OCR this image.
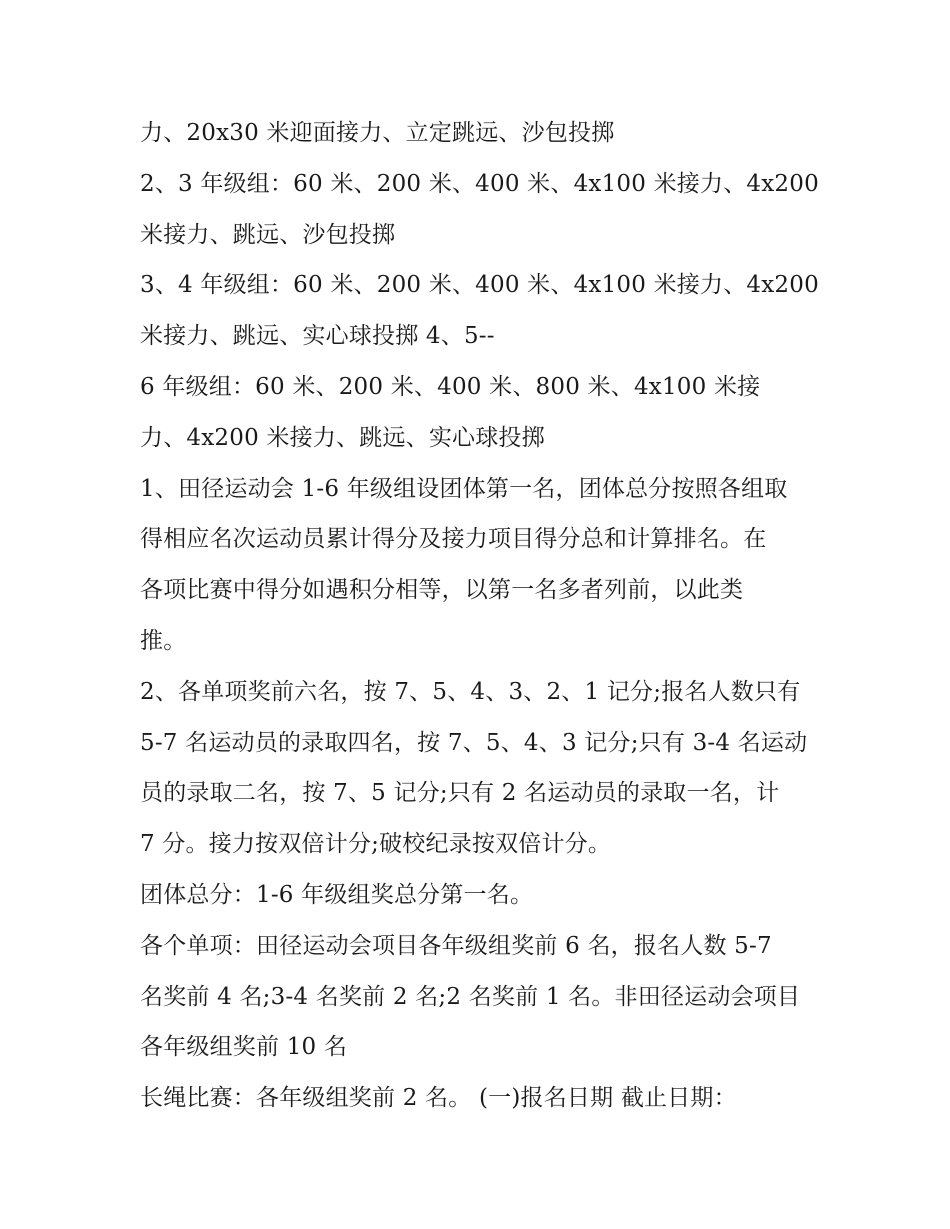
力、20x30 米迎面接力、立定跳远、沙包投掷
2、3 年级组：60 米、200 米、400 米、4x100 米接力、4x200
米接力、跳远、沙包投掷
3、4 年级组：60 米、200 米、400 米、4x100 米接力、4x200
米接力、跳远、实心球投掷 4、5--
6 年级组：60 米、200 米、400 米、800 米、4x100 米接
力、4x200 米接力、跳远、实心球投掷
1、田径运动会 1-6 年级组设团体第一名，团体总分按照各组取
得相应名次运动员累计得分及接力项目得分总和计算排名。在
各项比赛中得分如遇积分相等，以第一名多者列前，以此类
推。
2、各单项奖前六名，按 7、5、4、3、2、1 记分;报名人数只有
5-7 名运动员的录取四名，按 7、5、4、3 记分;只有 3-4 名运动
员的录取二名，按 7、5 记分;只有 2 名运动员的录取一名，计
7 分。接力按双倍计分;破校纪录按双倍计分。
团体总分：1-6 年级组奖总分第一名。
各个单项：田径运动会项目各年级组奖前 6 名，报名人数 5-7
名奖前 4 名;3-4 名奖前 2 名;2 名奖前 1 名。非田径运动会项目
各年级组奖前 10 名
长绳比赛：各年级组奖前 2 名。 (一)报名日期 截止日期：
